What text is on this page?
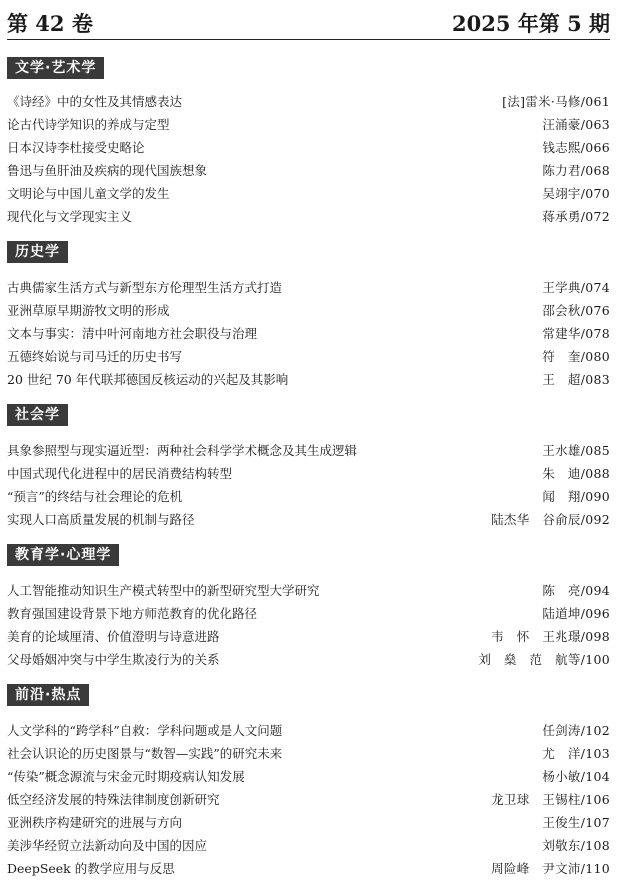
第 42 卷	2025 年第 5 期
文学·艺术学
《诗经》中的女性及其情感表达	[法]雷米·马修/061
论古代诗学知识的养成与定型	汪涌豪/063
日本汉诗李杜接受史略论	钱志熙/066
鲁迅与鱼肝油及疾病的现代国族想象	陈力君/068
文明论与中国儿童文学的发生	吴翊宇/070
现代化与文学现实主义	蒋承勇/072
历史学
古典儒家生活方式与新型东方伦理型生活方式打造	王学典/074
亚洲草原早期游牧文明的形成	邵会秋/076
文本与事实：清中叶河南地方社会职役与治理	常建华/078
五德终始说与司马迁的历史书写	符　奎/080
20 世纪 70 年代联邦德国反核运动的兴起及其影响	王　超/083
社会学
具象参照型与现实逼近型：两种社会科学学术概念及其生成逻辑	王水雄/085
中国式现代化进程中的居民消费结构转型	朱　迪/088
“预言”的终结与社会理论的危机	闻　翔/090
实现人口高质量发展的机制与路径	陆杰华　谷俞辰/092
教育学·心理学
人工智能推动知识生产模式转型中的新型研究型大学研究	陈　亮/094
教育强国建设背景下地方师范教育的优化路径	陆道坤/096
美育的论域厘清、价值澄明与诗意进路	韦　怀　王兆璟/098
父母婚姻冲突与中学生欺凌行为的关系	刘　燊　范　航等/100
前沿·热点
人文学科的“跨学科”自救：学科问题或是人文问题	任剑涛/102
社会认识论的历史图景与“数智—实践”的研究未来	尤　洋/103
“传染”概念源流与宋金元时期疫病认知发展	杨小敏/104
低空经济发展的特殊法律制度创新研究	龙卫球　王锡柱/106
亚洲秩序构建研究的进展与方向	王俊生/107
美涉华经贸立法新动向及中国的因应	刘敬东/108
DeepSeek 的教学应用与反思	周险峰　尹文沛/110
